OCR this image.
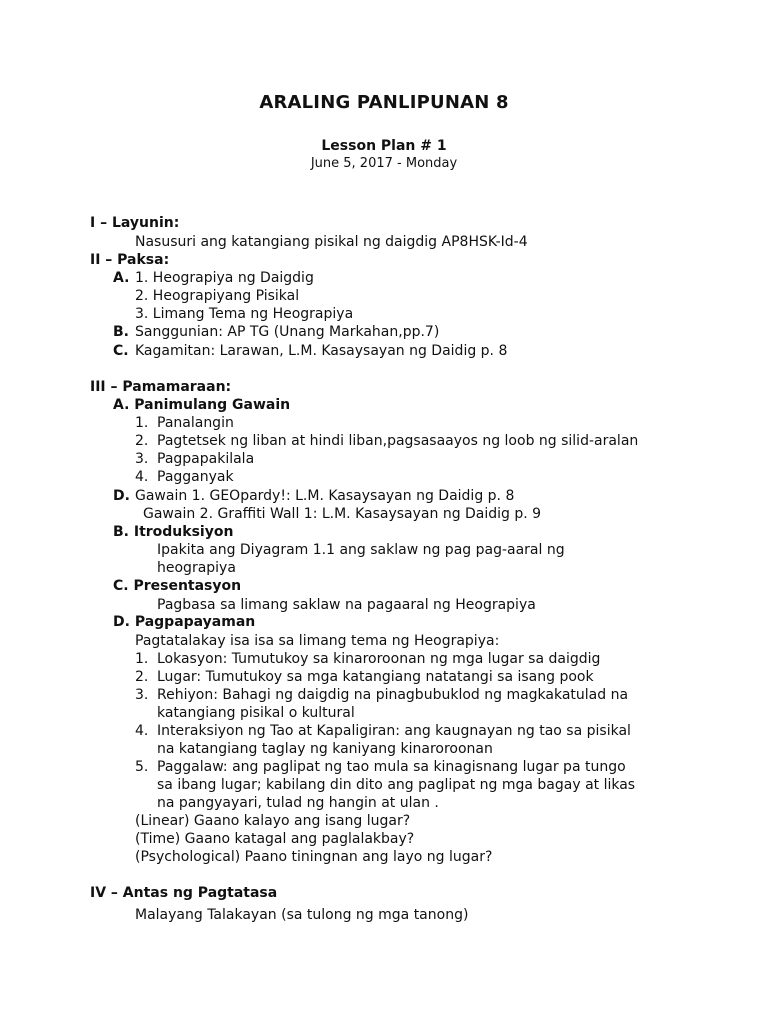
ARALING PANLIPUNAN 8
Lesson Plan # 1
June 5, 2017 - Monday
I – Layunin:
Nasusuri ang katangiang pisikal ng daigdig AP8HSK-Id-4
II – Paksa:
A. 1. Heograpiya ng Daigdig
2. Heograpiyang Pisikal
3. Limang Tema ng Heograpiya
B. Sanggunian: AP TG (Unang Markahan,pp.7)
C. Kagamitan: Larawan, L.M. Kasaysayan ng Daidig p. 8
III – Pamamaraan:
A. Panimulang Gawain
1. Panalangin
2. Pagtetsek ng liban at hindi liban,pagsasaayos ng loob ng silid-aralan
3. Pagpapakilala
4. Pagganyak
D. Gawain 1. GEOpardy!: L.M. Kasaysayan ng Daidig p. 8
Gawain 2. Graffiti Wall 1: L.M. Kasaysayan ng Daidig p. 9
B. Itroduksiyon
Ipakita ang Diyagram 1.1 ang saklaw ng pag pag-aaral ng
heograpiya
C. Presentasyon
Pagbasa sa limang saklaw na pagaaral ng Heograpiya
D. Pagpapayaman
Pagtatalakay isa isa sa limang tema ng Heograpiya:
1. Lokasyon: Tumutukoy sa kinaroroonan ng mga lugar sa daigdig
2. Lugar: Tumutukoy sa mga katangiang natatangi sa isang pook
3. Rehiyon: Bahagi ng daigdig na pinagbubuklod ng magkakatulad na
katangiang pisikal o kultural
4. Interaksiyon ng Tao at Kapaligiran: ang kaugnayan ng tao sa pisikal
na katangiang taglay ng kaniyang kinaroroonan
5. Paggalaw: ang paglipat ng tao mula sa kinagisnang lugar pa tungo
sa ibang lugar; kabilang din dito ang paglipat ng mga bagay at likas
na pangyayari, tulad ng hangin at ulan .
(Linear) Gaano kalayo ang isang lugar?
(Time) Gaano katagal ang paglalakbay?
(Psychological) Paano tiningnan ang layo ng lugar?
IV – Antas ng Pagtatasa
Malayang Talakayan (sa tulong ng mga tanong)
